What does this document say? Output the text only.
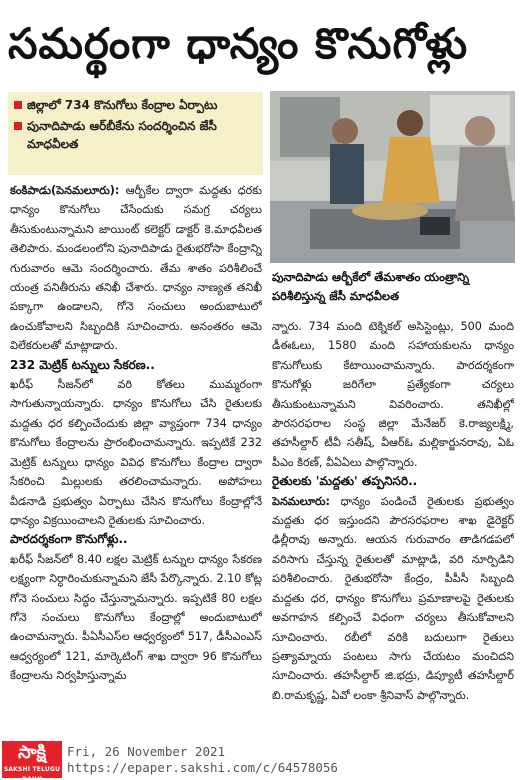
సమర్థంగా ధాన్యం కొనుగోళ్లు
జిల్లాలో 734 కొనుగోలు కేంద్రాల ఏర్పాటు
పునాదిపాడు ఆర్‌బీకేను సందర్శించిన జేసీ మాధవీలత
పునాదిపాడు ఆర్బీకేలో తేమశాతం యంత్రాన్ని పరిశీలిస్తున్న జేసీ మాధవీలత

కంకిపాడు(పెనమలూరు): ఆర్బీకేల ద్వారా మద్దతు ధరకు ధాన్యం కొనుగోలు చేసేందుకు సమగ్ర చర్యలు తీసుకుంటున్నామని జాయింట్ కలెక్టర్ డాక్టర్ కె.మాధవీలత తెలిపారు. మండలంలోని పునాదిపాడు రైతుభరోసా కేంద్రాన్ని గురువారం ఆమె సందర్శించారు. తేమ శాతం పరిశీలించే యంత్ర పనితీరును తనిఖీ చేశారు. ధాన్యం నాణ్యత తనిఖీ పక్కాగా ఉండాలని, గోనె సంచులు అందుబాటులో ఉంచుకోవాలని సిబ్బందికి సూచించారు. అనంతరం ఆమె విలేకరులతో మాట్లాడారు.

232 మెట్రిక్ టన్నులు సేకరణ..

ఖరీఫ్ సీజన్‌లో వరి కోతలు ముమ్మరంగా సాగుతున్నాయన్నారు. ధాన్యం కొనుగోలు చేసి రైతులకు మద్దతు ధర కల్పించేందుకు జిల్లా వ్యాప్తంగా 734 ధాన్యం కొనుగోలు కేంద్రాలను ప్రారంభించామన్నారు. ఇప్పటికే 232 మెట్రిక్ టన్నులు ధాన్యం వివిధ కొనుగోలు కేంద్రాల ద్వారా సేకరించి మిల్లులకు తరలించామన్నారు. అపోహలు వీడనాడి ప్రభుత్వం ఏర్పాటు చేసిన కొనుగోలు కేంద్రాల్లోనే ధాన్యం విక్రయించాలని రైతులకు సూచించారు.

పారదర్శకంగా కొనుగోళ్లు..

ఖరీఫ్ సీజన్‌లో 8.40 లక్షల మెట్రిక్ టన్నుల ధాన్యం సేకరణ లక్ష్యంగా నిర్ధారించుకున్నామని జేసీ పేర్కొన్నారు. 2.10 కోట్ల గోనె సంచులు సిద్ధం చేస్తున్నామన్నారు. ఇప్పటికే 80 లక్షల గోనె సంచులు కొనుగోలు కేంద్రాల్లో అందుబాటులో ఉంచామన్నారు. పీఏసీఎస్‌ల ఆధ్వర్యంలో 517, డీసీఎంఎస్ ఆధ్వర్యంలో 121, మార్కెటింగ్ శాఖ ద్వారా 96 కొనుగోలు కేంద్రాలను నిర్వహిస్తున్నామ

న్నారు. 734 మంది టెక్నికల్ అసిస్టెంట్లు, 500 మంది డీఈఓలు, 1580 మంది సహాయకులను ధాన్యం కొనుగోలుకు కేటాయించామన్నారు. పారదర్శకంగా కొనుగోళ్లు జరిగేలా ప్రత్యేకంగా చర్యలు తీసుకుంటున్నామని వివరించారు. తనిఖీల్లో పౌరసరఫరాల సంస్థ జిల్లా మేనేజర్ కె.రాజ్యలక్ష్మి, తహసీల్దార్ టీవీ సతీష్, వీఆర్ఓ మల్లికార్జునరావు, ఏఓ పీఎం కిరణ్, వీఏఏలు పాల్గొన్నారు.

రైతులకు 'మద్దతు' తప్పనిసరి..

పెనమలూరు: ధాన్యం పండించే రైతులకు ప్రభుత్వం మద్దతు ధర ఇస్తుందని పౌరసరఫరాల శాఖ డైరెక్టర్ ఢిల్లీరావు అన్నారు. ఆయన గురువారం తాడిగడపలో వరిసాగు చేస్తున్న రైతులతో మాట్లాడి, వరి నూర్పిడిని పరిశీలించారు. రైతుభరోసా కేంద్రం, పీపీసీ సిబ్బంది మద్దతు ధర, ధాన్యం కొనుగోలు ప్రమాణాలపై రైతులకు అవగాహన కల్పించే విధంగా చర్యలు తీసుకోవాలని సూచించారు. రబీలో వరికి బదులుగా రైతులు ప్రత్యామ్నాయ పంటలు సాగు చేయటం మంచిదని సూచించారు. తహసీల్దార్ జి.భద్రు, డిప్యూటీ తహసీల్దార్ బి.రామకృష్ణ, ఏవో లంకా శ్రీనివాస్ పాల్గొన్నారు.

సాక్షి
SAKSHI TELUGU DAILY
Fri, 26 November 2021
https://epaper.sakshi.com/c/64578056
